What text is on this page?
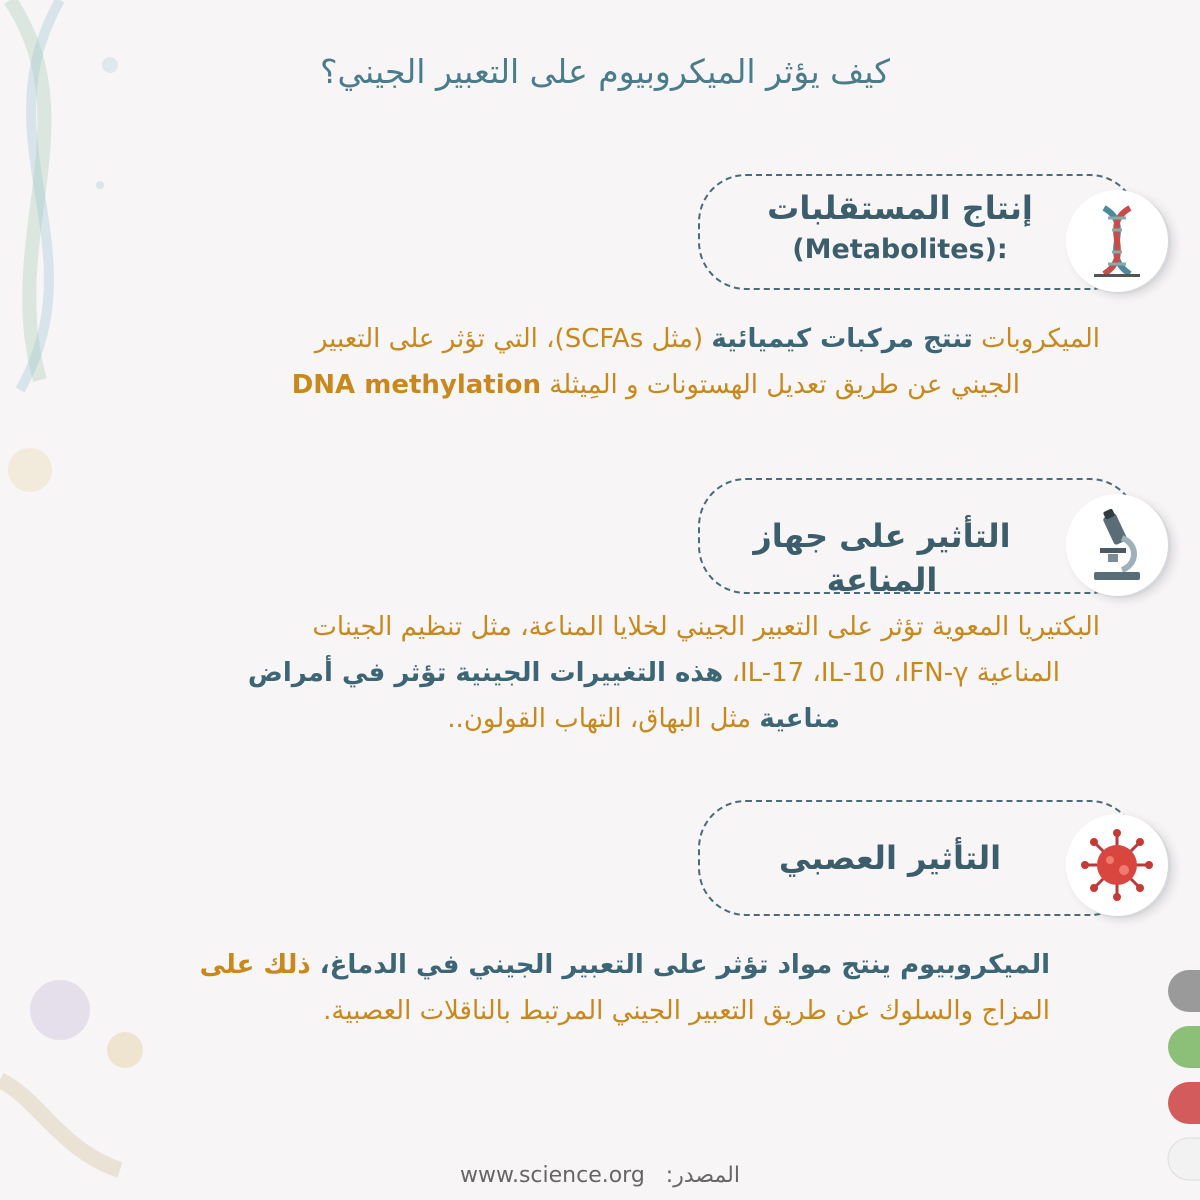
كيف يؤثر الميكروبيوم على التعبير الجيني؟
إنتاج المستقلبات
(Metabolites):
الميكروبات تنتج مركبات كيميائية (مثل SCFAs)، التي تؤثر على التعبير
الجيني عن طريق تعديل الهستونات و المِيثلة DNA methylation
التأثير على جهاز المناعة
البكتيريا المعوية تؤثر على التعبير الجيني لخلايا المناعة، مثل تنظيم الجينات
المناعية IL-17 ،IL-10 ،IFN-γ، هذه التغييرات الجينية تؤثر في أمراض
مناعية مثل البهاق، التهاب القولون..
التأثير العصبي
الميكروبيوم ينتج مواد تؤثر على التعبير الجيني في الدماغ، ذلك على
المزاج والسلوك عن طريق التعبير الجيني المرتبط بالناقلات العصبية.
المصدر:   www.science.org
